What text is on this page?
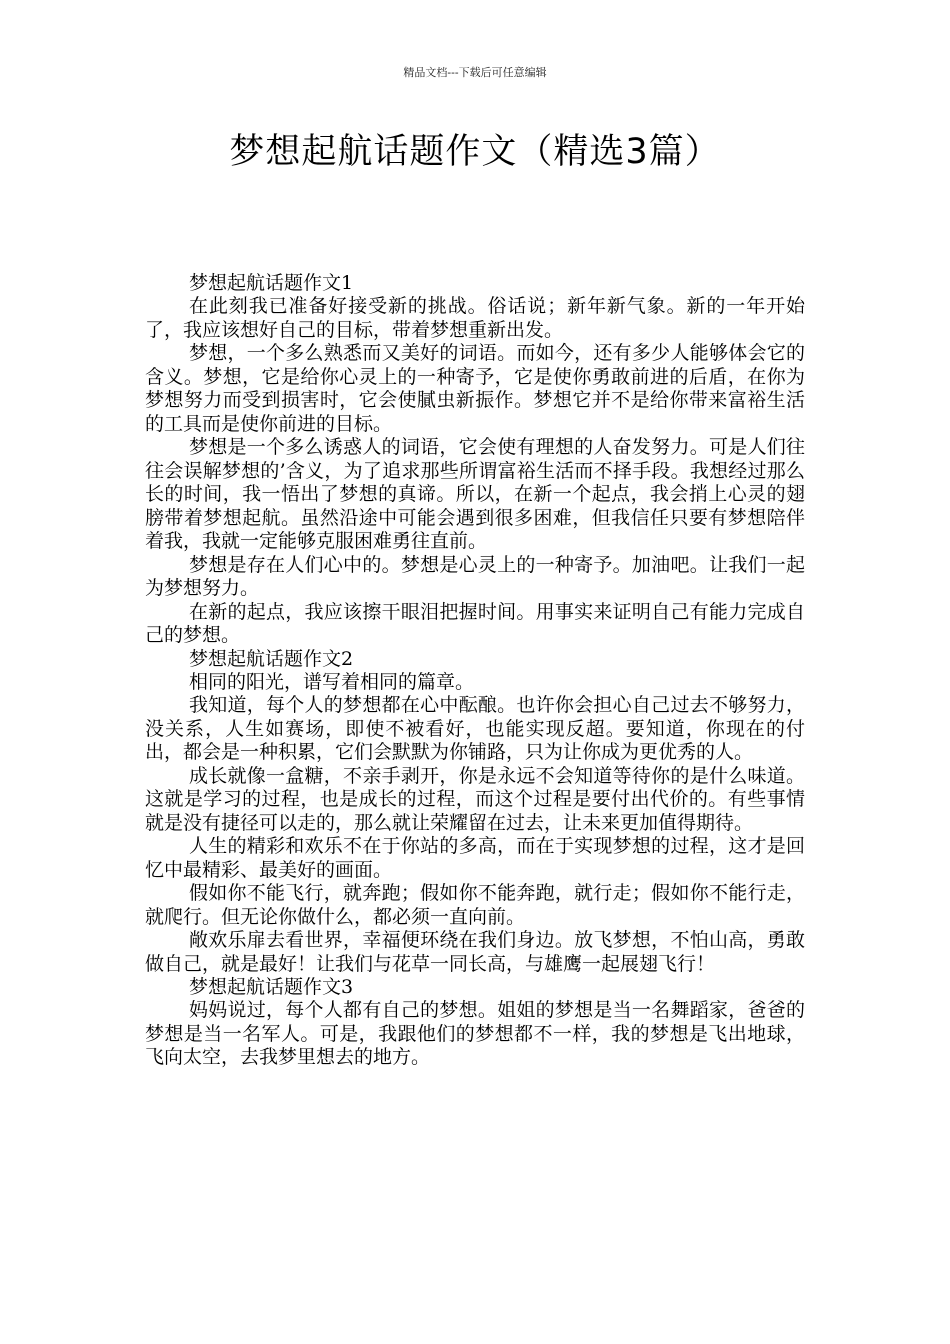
精品文档---下载后可任意编辑
梦想起航话题作文（精选3篇）
梦想起航话题作文1

在此刻我已准备好接受新的挑战。俗话说；新年新气象。新的一年开始了，我应该想好自己的目标，带着梦想重新出发。

梦想，一个多么熟悉而又美好的词语。而如今，还有多少人能够体会它的含义。梦想，它是给你心灵上的一种寄予，它是使你勇敢前进的后盾，在你为梦想努力而受到损害时，它会使膩虫新振作。梦想它并不是给你带来富裕生活的工具而是使你前进的目标。

梦想是一个多么诱惑人的词语，它会使有理想的人奋发努力。可是人们往往会误解梦想的’含义，为了追求那些所谓富裕生活而不择手段。我想经过那么长的时间，我一悟出了梦想的真谛。所以，在新一个起点，我会捎上心灵的翅膀带着梦想起航。虽然沿途中可能会遇到很多困难，但我信任只要有梦想陪伴着我，我就一定能够克服困难勇往直前。

梦想是存在人们心中的。梦想是心灵上的一种寄予。加油吧。让我们一起为梦想努力。

在新的起点，我应该擦干眼泪把握时间。用事实来证明自己有能力完成自己的梦想。

梦想起航话题作文2

相同的阳光，谱写着相同的篇章。

我知道，每个人的梦想都在心中酝酿。也许你会担心自己过去不够努力，没关系，人生如赛场，即使不被看好，也能实现反超。要知道，你现在的付出，都会是一种积累，它们会默默为你铺路，只为让你成为更优秀的人。

成长就像一盒糖，不亲手剥开，你是永远不会知道等待你的是什么味道。这就是学习的过程，也是成长的过程，而这个过程是要付出代价的。有些事情就是没有捷径可以走的，那么就让荣耀留在过去，让未来更加值得期待。

人生的精彩和欢乐不在于你站的多高，而在于实现梦想的过程，这才是回忆中最精彩、最美好的画面。

假如你不能飞行，就奔跑；假如你不能奔跑，就行走；假如你不能行走，就爬行。但无论你做什么，都必须一直向前。

敞欢乐扉去看世界，幸福便环绕在我们身边。放飞梦想，不怕山高，勇敢做自己，就是最好！让我们与花草一同长高，与雄鹰一起展翅飞行！

梦想起航话题作文3

妈妈说过，每个人都有自己的梦想。姐姐的梦想是当一名舞蹈家，爸爸的梦想是当一名军人。可是，我跟他们的梦想都不一样，我的梦想是飞出地球，飞向太空，去我梦里想去的地方。
